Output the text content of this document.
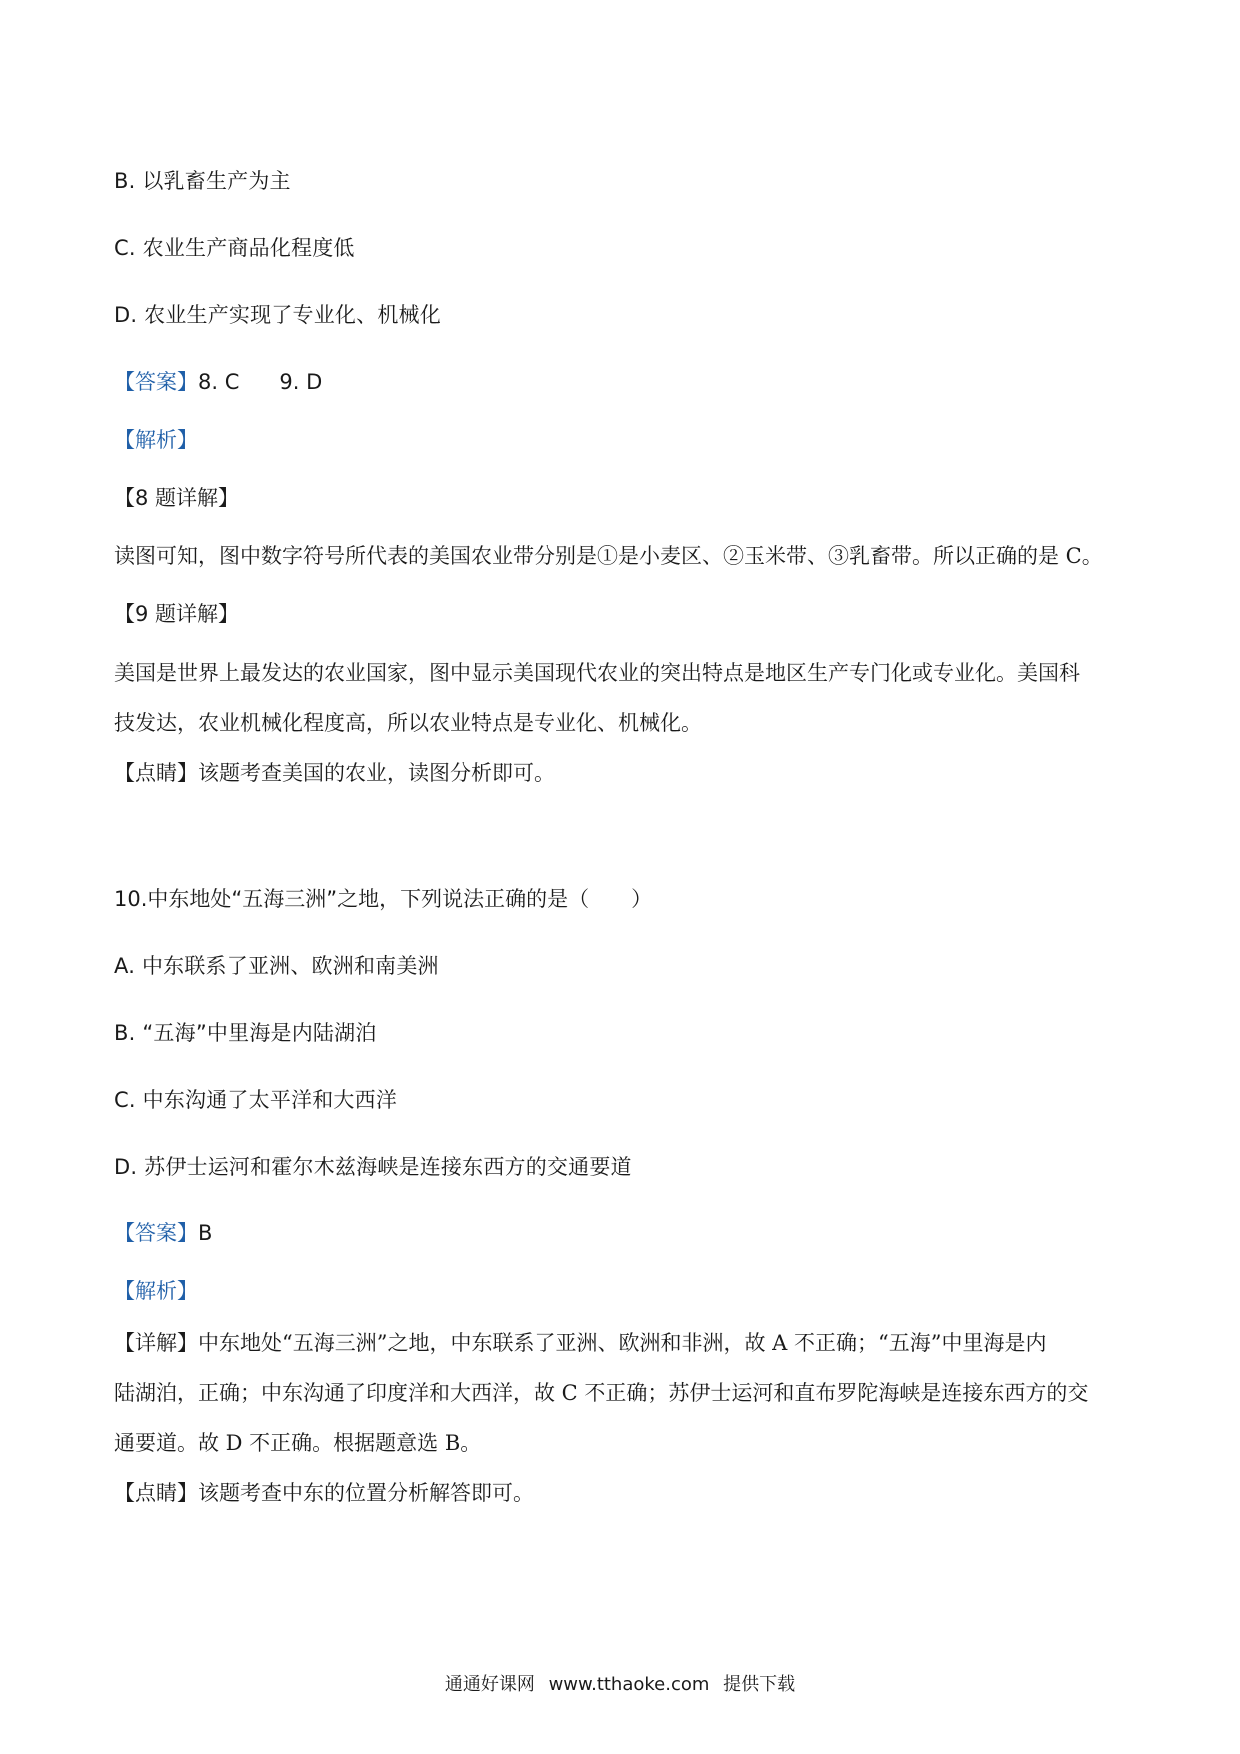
B. 以乳畜生产为主
C. 农业生产商品化程度低
D. 农业生产实现了专业化、机械化
【答案】8. C 9. D
【解析】
【8 题详解】
读图可知，图中数字符号所代表的美国农业带分别是①是小麦区、②玉米带、③乳畜带。所以正确的是 C。
【9 题详解】
美国是世界上最发达的农业国家，图中显示美国现代农业的突出特点是地区生产专门化或专业化。美国科
技发达，农业机械化程度高，所以农业特点是专业化、机械化。
【点睛】该题考查美国的农业，读图分析即可。
10.中东地处“五海三洲”之地，下列说法正确的是（　　）
A. 中东联系了亚洲、欧洲和南美洲
B. “五海”中里海是内陆湖泊
C. 中东沟通了太平洋和大西洋
D. 苏伊士运河和霍尔木兹海峡是连接东西方的交通要道
【答案】B
【解析】
【详解】中东地处“五海三洲”之地，中东联系了亚洲、欧洲和非洲，故 A 不正确；“五海”中里海是内
陆湖泊，正确；中东沟通了印度洋和大西洋，故 C 不正确；苏伊士运河和直布罗陀海峡是连接东西方的交
通要道。故 D 不正确。根据题意选 B。
【点睛】该题考查中东的位置分析解答即可。
通通好课网 www.tthaoke.com 提供下载
